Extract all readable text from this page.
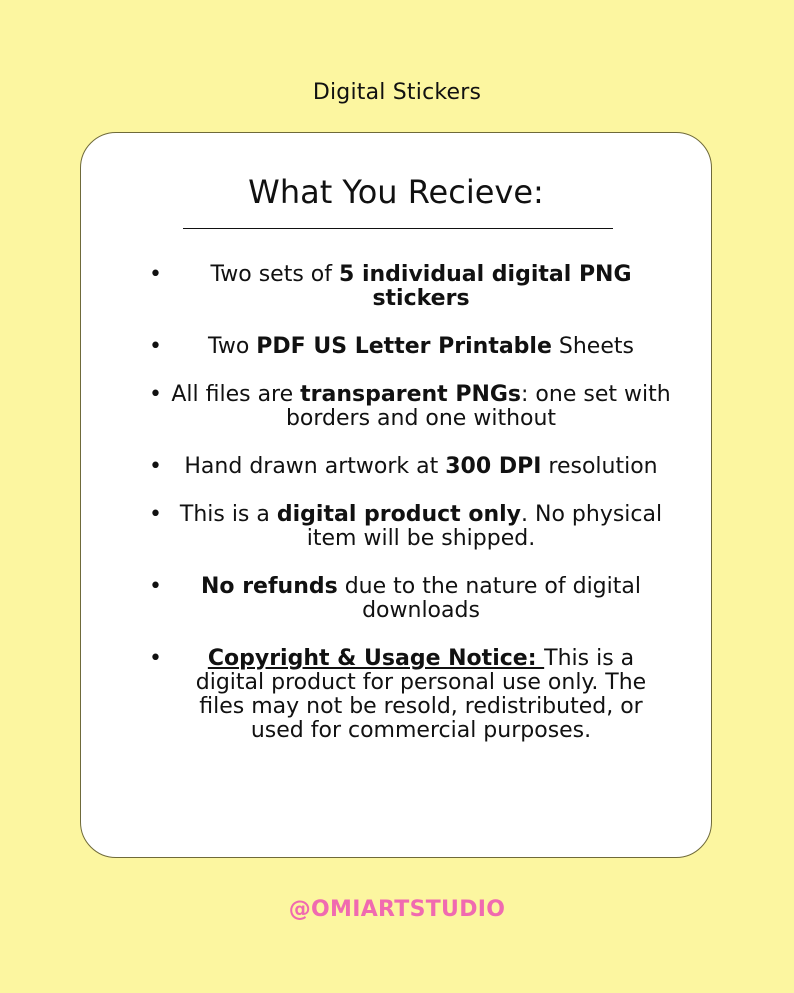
Digital Stickers
What You Recieve:
• Two sets of 5 individual digital PNG stickers
• Two PDF US Letter Printable Sheets
• All files are transparent PNGs: one set with borders and one without
• Hand drawn artwork at 300 DPI resolution
• This is a digital product only. No physical item will be shipped.
• No refunds due to the nature of digital downloads
• Copyright & Usage Notice: This is a digital product for personal use only. The files may not be resold, redistributed, or used for commercial purposes.
@OMIARTSTUDIO
